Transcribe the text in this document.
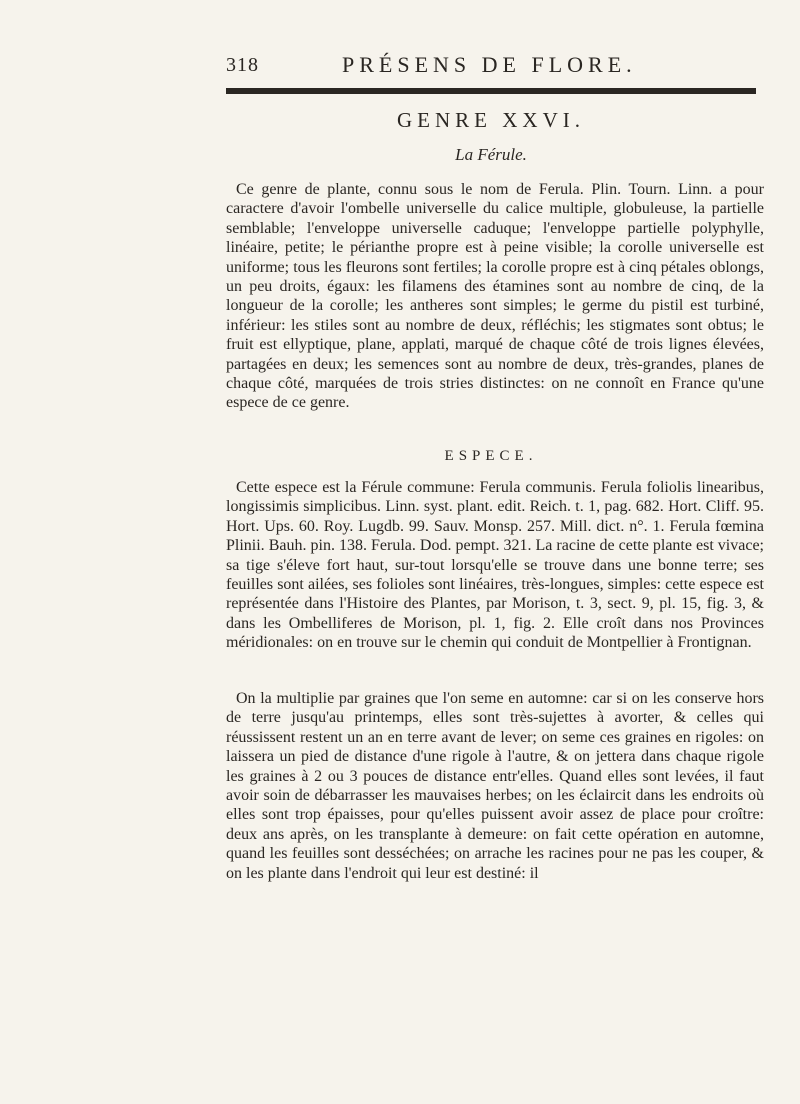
318	PRÉSENS DE FLORE.
GENRE XXVI.
La Férule.
Ce genre de plante, connu sous le nom de Ferula. Plin. Tourn. Linn. a pour caractere d'avoir l'ombelle universelle du calice multiple, globuleuse, la partielle semblable; l'enveloppe universelle caduque; l'enveloppe partielle polyphylle, linéaire, petite; le périanthe propre est à peine visible; la corolle universelle est uniforme; tous les fleurons sont fertiles; la corolle propre est à cinq pétales oblongs, un peu droits, égaux: les filamens des étamines sont au nombre de cinq, de la longueur de la corolle; les antheres sont simples; le germe du pistil est turbiné, inférieur: les stiles sont au nombre de deux, réfléchis; les stigmates sont obtus; le fruit est ellyptique, plane, applati, marqué de chaque côté de trois lignes élevées, partagées en deux; les semences sont au nombre de deux, très-grandes, planes de chaque côté, marquées de trois stries distinctes: on ne connoît en France qu'une espece de ce genre.
ESPECE.
Cette espece est la Férule commune: Ferula communis. Ferula foliolis linearibus, longissimis simplicibus. Linn. syst. plant. edit. Reich. t. 1, pag. 682. Hort. Cliff. 95. Hort. Ups. 60. Roy. Lugdb. 99. Sauv. Monsp. 257. Mill. dict. n°. 1. Ferula fœmina Plinii. Bauh. pin. 138. Ferula. Dod. pempt. 321. La racine de cette plante est vivace; sa tige s'éleve fort haut, sur-tout lorsqu'elle se trouve dans une bonne terre; ses feuilles sont ailées, ses folioles sont linéaires, très-longues, simples: cette espece est représentée dans l'Histoire des Plantes, par Morison, t. 3, sect. 9, pl. 15, fig. 3, & dans les Ombelliferes de Morison, pl. 1, fig. 2. Elle croît dans nos Provinces méridionales: on en trouve sur le chemin qui conduit de Montpellier à Frontignan.
On la multiplie par graines que l'on seme en automne: car si on les conserve hors de terre jusqu'au printemps, elles sont très-sujettes à avorter, & celles qui réussissent restent un an en terre avant de lever; on seme ces graines en rigoles: on laissera un pied de distance d'une rigole à l'autre, & on jettera dans chaque rigole les graines à 2 ou 3 pouces de distance entr'elles. Quand elles sont levées, il faut avoir soin de débarrasser les mauvaises herbes; on les éclaircit dans les endroits où elles sont trop épaisses, pour qu'elles puissent avoir assez de place pour croître: deux ans après, on les transplante à demeure: on fait cette opération en automne, quand les feuilles sont desséchées; on arrache les racines pour ne pas les couper, & on les plante dans l'endroit qui leur est destiné: il
